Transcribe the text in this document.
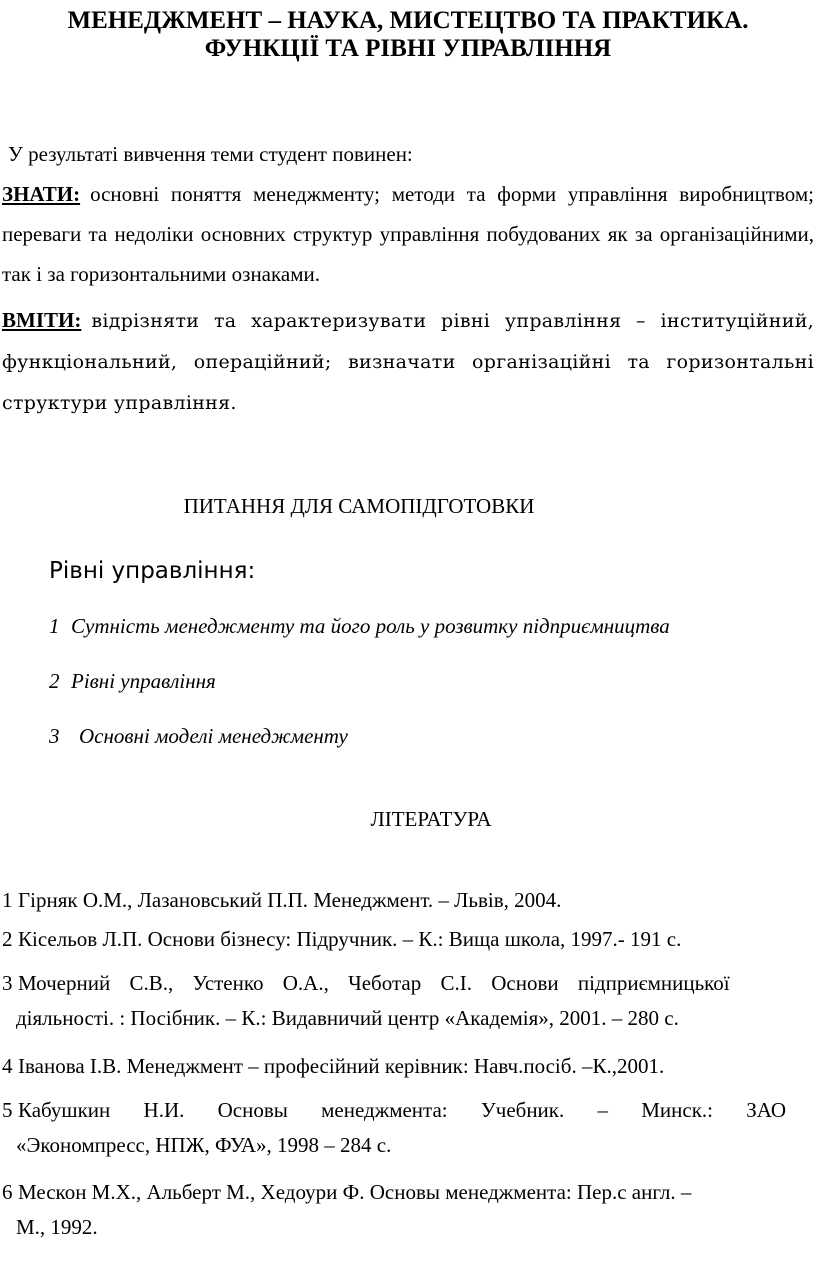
МЕНЕДЖМЕНТ – НАУКА, МИСТЕЦТВО ТА ПРАКТИКА.
ФУНКЦІЇ ТА РІВНІ УПРАВЛІННЯ
У результаті вивчення теми студент повинен:
ЗНАТИ: основні поняття менеджменту; методи та форми управління виробництвом; переваги та недоліки основних структур управління побудованих як за організаційними, так і за горизонтальними ознаками.
ВМІТИ: відрізняти та характеризувати рівні управління – інституційний, функціональний, операційний; визначати організаційні та горизонтальні структури управління.
ПИТАННЯ ДЛЯ САМОПІДГОТОВКИ
Рівні управління:
1 Сутність менеджменту та його роль у розвитку підприємництва
2 Рівні управління
3 Основні моделі менеджменту
ЛІТЕРАТУРА
1 Гірняк О.М., Лазановський П.П. Менеджмент. – Львів, 2004.
2 Кісельов Л.П. Основи бізнесу: Підручник. – К.: Вища школа, 1997.- 191 с.
3 Мочерний С.В., Устенко О.А., Чеботар С.І. Основи підприємницької
діяльності. : Посібник. – К.: Видавничий центр «Академія», 2001. – 280 с.
4 Іванова І.В. Менеджмент – професійний керівник: Навч.посіб. –К.,2001.
5 Кабушкин Н.И. Основы менеджмента: Учебник. – Минск.: ЗАО
«Экономпресс, НПЖ, ФУА», 1998 – 284 с.
6 Мескон М.Х., Альберт М., Хедоури Ф. Основы менеджмента: Пер.с англ. –
М., 1992.
